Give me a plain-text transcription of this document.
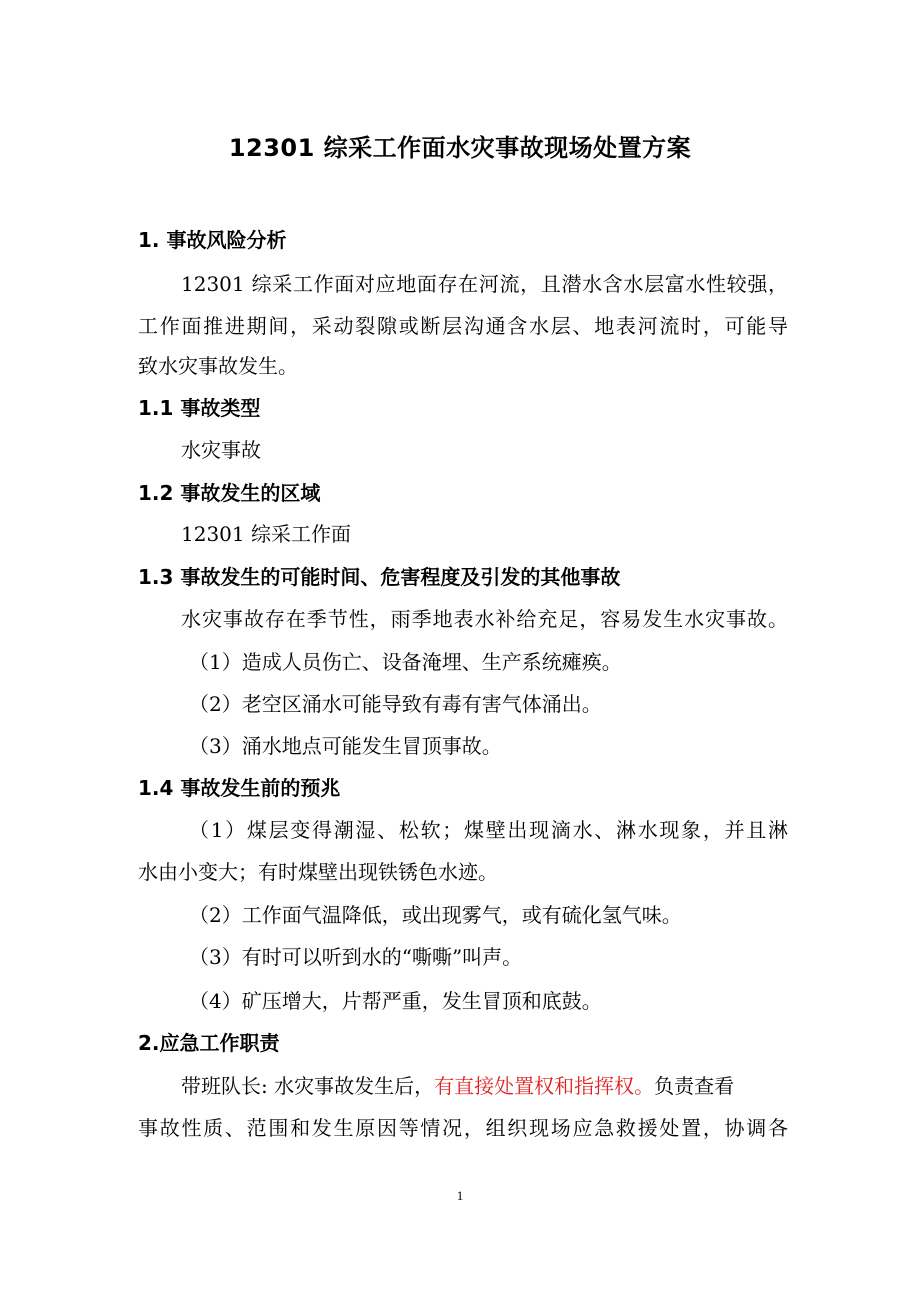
12301 综采工作面水灾事故现场处置方案
1. 事故风险分析
12301 综采工作面对应地面存在河流，且潜水含水层富水性较强，
工作面推进期间，采动裂隙或断层沟通含水层、地表河流时，可能导
致水灾事故发生。
1.1 事故类型
水灾事故
1.2 事故发生的区域
12301 综采工作面
1.3 事故发生的可能时间、危害程度及引发的其他事故
水灾事故存在季节性，雨季地表水补给充足，容易发生水灾事故。
（1）造成人员伤亡、设备淹埋、生产系统瘫痪。
（2）老空区涌水可能导致有毒有害气体涌出。
（3）涌水地点可能发生冒顶事故。
1.4 事故发生前的预兆
（1）煤层变得潮湿、松软；煤壁出现滴水、淋水现象，并且淋
水由小变大；有时煤壁出现铁锈色水迹。
（2）工作面气温降低，或出现雾气，或有硫化氢气味。
（3）有时可以听到水的“嘶嘶”叫声。
（4）矿压增大，片帮严重，发生冒顶和底鼓。
2.应急工作职责
带班队长: 水灾事故发生后，有直接处置权和指挥权。负责查看
事故性质、范围和发生原因等情况，组织现场应急救援处置，协调各
1
